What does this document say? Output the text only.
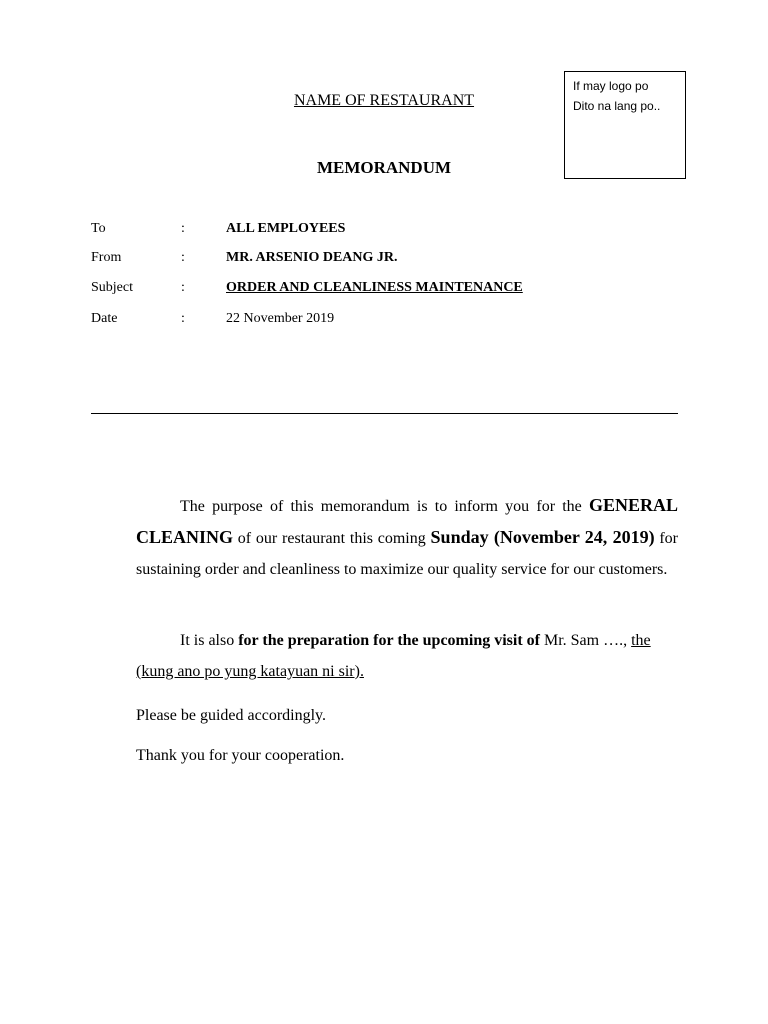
If may logo po
Dito na lang po..
NAME OF RESTAURANT
MEMORANDUM
To	:	ALL EMPLOYEES
From	:	MR. ARSENIO DEANG JR.
Subject	:	ORDER AND CLEANLINESS MAINTENANCE
Date	:	22 November 2019
The purpose of this memorandum is to inform you for the GENERAL CLEANING of our restaurant this coming Sunday (November 24, 2019) for sustaining order and cleanliness to maximize our quality service for our customers.
It is also for the preparation for the upcoming visit of Mr. Sam …., the (kung ano po yung katayuan ni sir).
Please be guided accordingly.
Thank you for your cooperation.
